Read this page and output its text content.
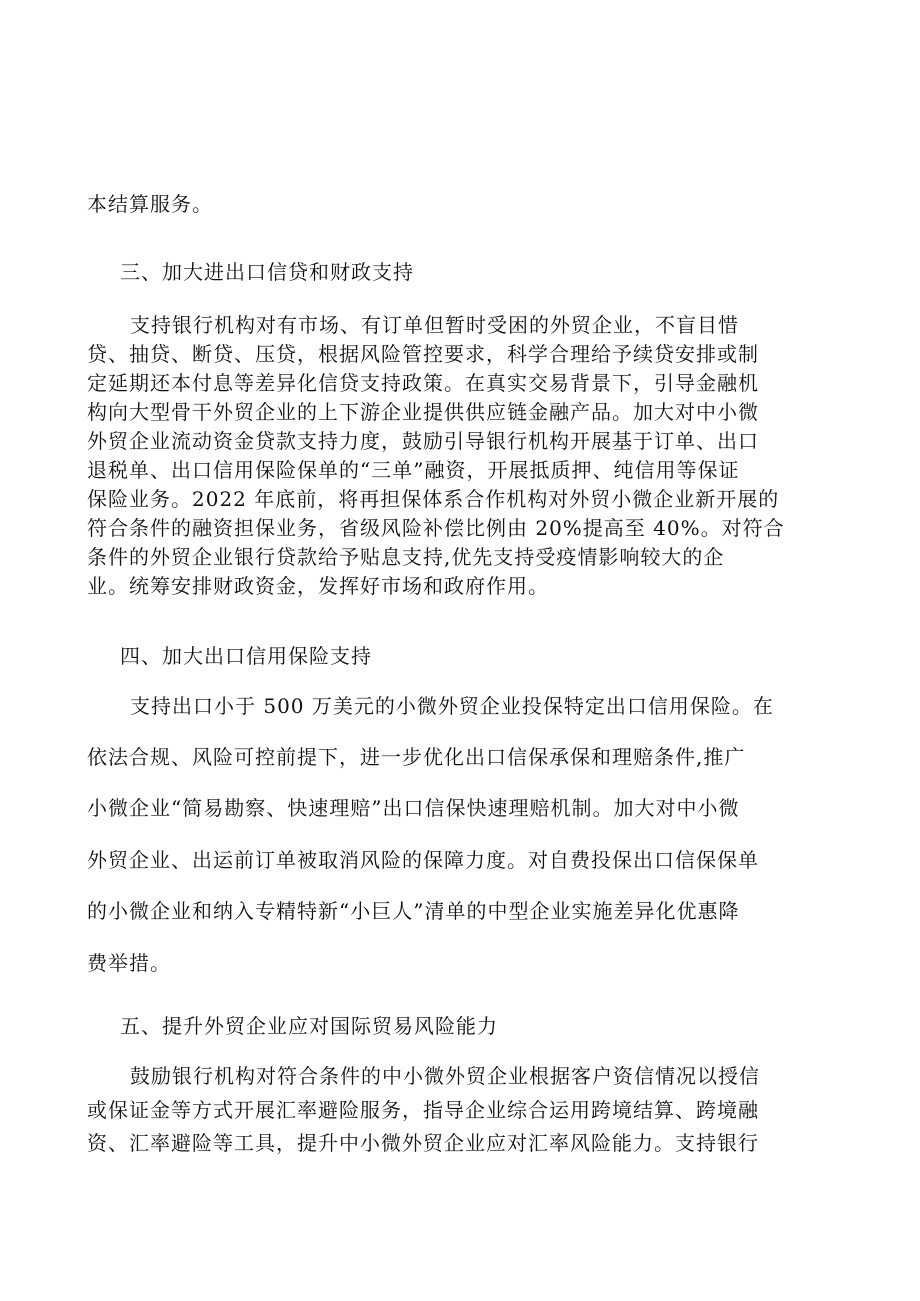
本结算服务。
三、加大进出口信贷和财政支持
支持银行机构对有市场、有订单但暂时受困的外贸企业，不盲目惜
贷、抽贷、断贷、压贷，根据风险管控要求，科学合理给予续贷安排或制
定延期还本付息等差异化信贷支持政策。在真实交易背景下，引导金融机
构向大型骨干外贸企业的上下游企业提供供应链金融产品。加大对中小微
外贸企业流动资金贷款支持力度，鼓励引导银行机构开展基于订单、出口
退税单、出口信用保险保单的“三单”融资，开展抵质押、纯信用等保证
保险业务。2022 年底前，将再担保体系合作机构对外贸小微企业新开展的
符合条件的融资担保业务，省级风险补偿比例由 20%提高至 40%。对符合
条件的外贸企业银行贷款给予贴息支持,优先支持受疫情影响较大的企
业。统筹安排财政资金，发挥好市场和政府作用。
四、加大出口信用保险支持
支持出口小于 500 万美元的小微外贸企业投保特定出口信用保险。在
依法合规、风险可控前提下，进一步优化出口信保承保和理赔条件,推广
小微企业“简易勘察、快速理赔”出口信保快速理赔机制。加大对中小微
外贸企业、出运前订单被取消风险的保障力度。对自费投保出口信保保单
的小微企业和纳入专精特新“小巨人”清单的中型企业实施差异化优惠降
费举措。
五、提升外贸企业应对国际贸易风险能力
鼓励银行机构对符合条件的中小微外贸企业根据客户资信情况以授信
或保证金等方式开展汇率避险服务，指导企业综合运用跨境结算、跨境融
资、汇率避险等工具，提升中小微外贸企业应对汇率风险能力。支持银行
